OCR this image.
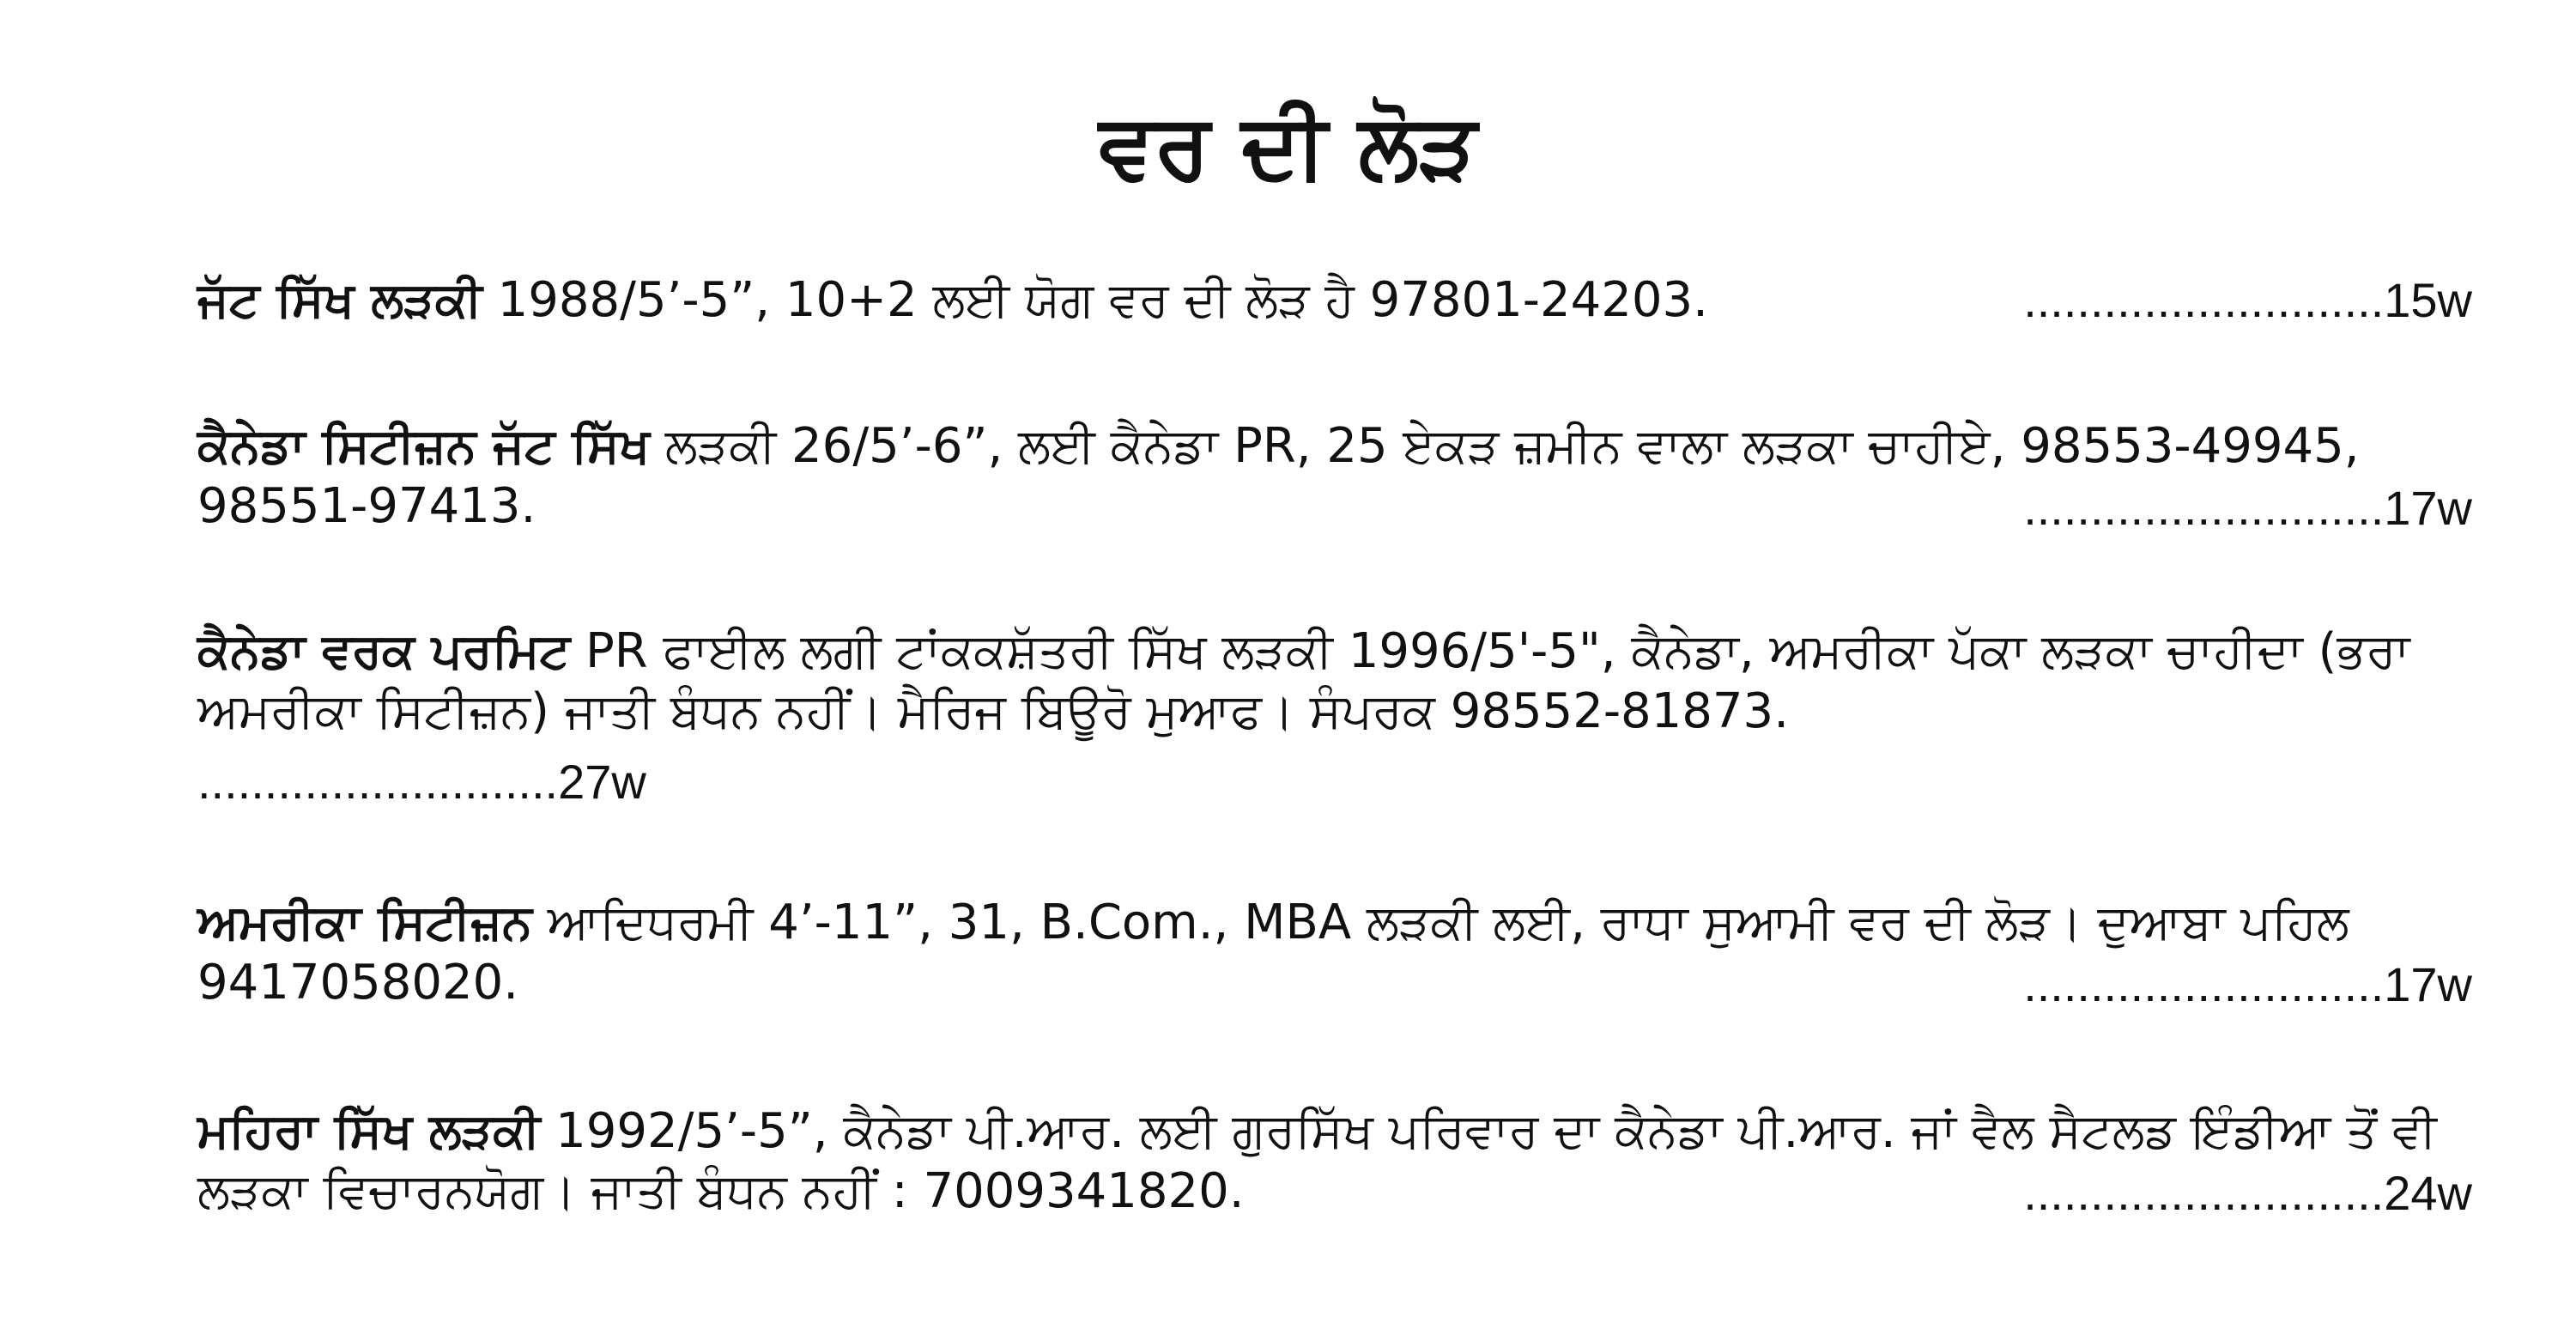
ਵਰ ਦੀ ਲੋੜ
ਜੱਟ ਸਿੱਖ ਲੜਕੀ 1988/5’-5”, 10+2 ਲਈ ਯੋਗ ਵਰ ਦੀ ਲੋੜ ਹੈ 97801-24203.	...........................15w
ਕੈਨੇਡਾ ਸਿਟੀਜ਼ਨ ਜੱਟ ਸਿੱਖ ਲੜਕੀ 26/5’-6”, ਲਈ ਕੈਨੇਡਾ PR, 25 ਏਕੜ ਜ਼ਮੀਨ ਵਾਲਾ ਲੜਕਾ ਚਾਹੀਏ, 98553-49945, 98551-97413.	...........................17w
ਕੈਨੇਡਾ ਵਰਕ ਪਰਮਿਟ PR ਫਾਈਲ ਲਗੀ ਟਾਂਕਕਸ਼ੱਤਰੀ ਸਿੱਖ ਲੜਕੀ 1996/5'-5", ਕੈਨੇਡਾ, ਅਮਰੀਕਾ ਪੱਕਾ ਲੜਕਾ ਚਾਹੀਦਾ (ਭਰਾ ਅਮਰੀਕਾ ਸਿਟੀਜ਼ਨ) ਜਾਤੀ ਬੰਧਨ ਨਹੀਂ। ਮੈਰਿਜ ਬਿਊਰੋ ਮੁਆਫ। ਸੰਪਰਕ 98552-81873.
...........................27w
ਅਮਰੀਕਾ ਸਿਟੀਜ਼ਨ ਆਦਿਧਰਮੀ 4’-11”, 31, B.Com., MBA ਲੜਕੀ ਲਈ, ਰਾਧਾ ਸੁਆਮੀ ਵਰ ਦੀ ਲੋੜ। ਦੁਆਬਾ ਪਹਿਲ 9417058020.	...........................17w
ਮਹਿਰਾ ਸਿੱਖ ਲੜਕੀ 1992/5’-5”, ਕੈਨੇਡਾ ਪੀ.ਆਰ. ਲਈ ਗੁਰਸਿੱਖ ਪਰਿਵਾਰ ਦਾ ਕੈਨੇਡਾ ਪੀ.ਆਰ. ਜਾਂ ਵੈਲ ਸੈਟਲਡ ਇੰਡੀਆ ਤੋਂ ਵੀ ਲੜਕਾ ਵਿਚਾਰਨਯੋਗ। ਜਾਤੀ ਬੰਧਨ ਨਹੀਂ : 7009341820.	...........................24w
